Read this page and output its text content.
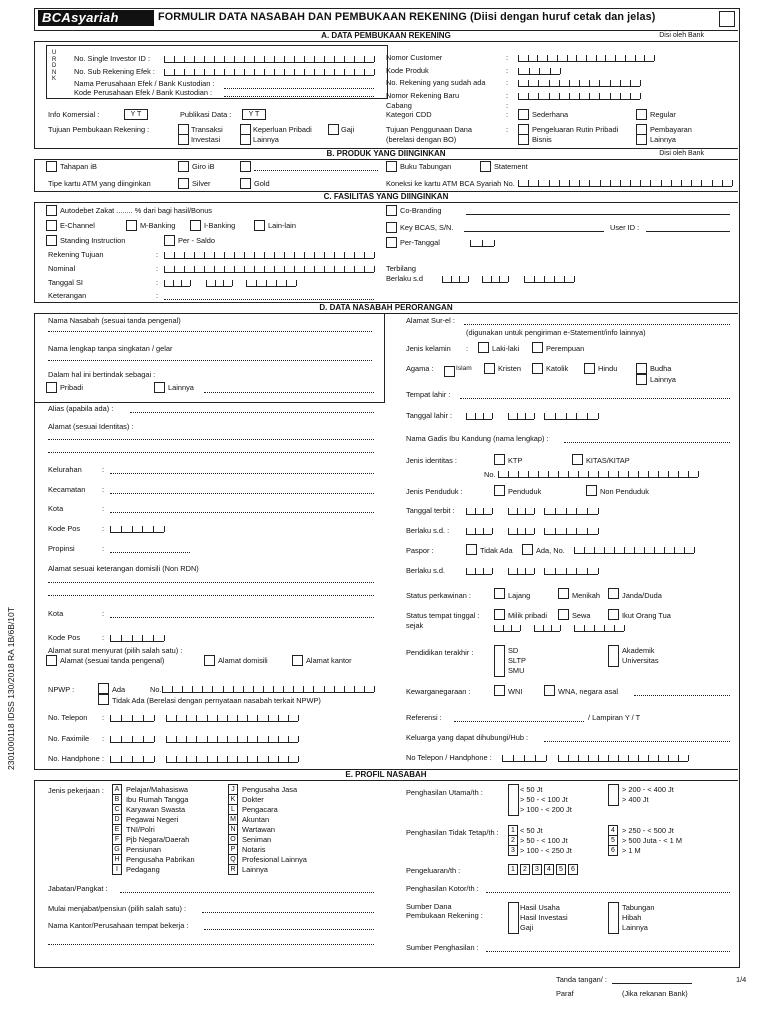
BCAsyariah	FORMULIR DATA NASABAH DAN PEMBUKAAN REKENING (Diisi dengan huruf cetak dan jelas)
A. DATA PEMBUKAAN REKENING	Disi oleh Bank
U
R
D
N
K
No. Single Investor ID :
No. Sub Rekening Efek :
Nama Perusahaan Efek / Bank Kustodian :
Kode Perusahaan Efek / Bank Kustodian :
Nomor Customer	:
Kode Produk	:
No. Rekening yang sudah ada	:
Nomor Rekening Baru	:
Cabang	:
Info Komersial :	Y T	Publikasi Data :	Y T	Kategori CDD	:	Sederhana	Regular
Tujuan Pembukaan Rekening :	Transaksi	Keperluan Pribadi	Gaji
Investasi	Lainnya
Tujuan Penggunaan Dana
(berelasi dengan BO)
:	Pengeluaran Rutin Pribadi	Pembayaran
Bisnis	Lainnya
B. PRODUK YANG DIINGINKAN	Disi oleh Bank
Tahapan iB	Giro iB	Buku Tabungan	Statement
Tipe kartu ATM yang diinginkan	Silver	Gold	Koneksi ke kartu ATM BCA Syariah No.
C. FASILITAS YANG DIINGINKAN
Autodebet Zakat ........ % dari bagi hasil/Bonus
E-Channel	M-Banking	I-Banking	Lain-lain
Standing Instruction	Per - Saldo
Rekening Tujuan	:
Nominal	:
Tanggal SI	:
Keterangan	:
Co-Branding
Key BCAS, S/N.	User ID :
Per-Tanggal
Terbilang
Berlaku s.d
D. DATA NASABAH PERORANGAN
Nama Nasabah (sesuai tanda pengenal)
Nama lengkap tanpa singkatan / gelar
Dalam hal ini bertindak sebagai :
Pribadi	Lainnya
Alias (apabila ada) :
Alamat (sesuai Identitas) :
Kelurahan	:
Kecamatan :
Kota	:
Kode Pos	:
Propinsi	:
Alamat sesuai keterangan domisili (Non RDN)
Kota	:
Kode Pos	:
Alamat surat menyurat (pilih salah satu) :
Alamat (sesuai tanda pengenal)	Alamat domisili	Alamat kantor
NPWP :	Ada	No.
Tidak Ada (Berelasi dengan pernyataan nasabah terkait NPWP)
No. Telepon :
No. Faximile :
No. Handphone :
Alamat Sur-el :
(digunakan untuk pengiriman e-Statement/info lainnya)
Jenis kelamin :	Laki-laki	Perempuan
Agama :	Islam	Kristen	Katolik	Hindu	Budha
Lainnya
Tempat lahir :
Tanggal lahir :
Nama Gadis Ibu Kandung (nama lengkap) :
Jenis identitas :	KTP	KITAS/KITAP
No.
Jenis Penduduk :	Penduduk	Non Penduduk
Tanggal terbit :
Berlaku s.d. :
Paspor :	Tidak Ada	Ada, No.
Berlaku s.d.
Status perkawinan :	Lajang	Menikah	Janda/Duda
Status tempat tinggal :	Milik pribadi	Sewa	Ikut Orang Tua
sejak
Pendidikan terakhir :	SD
SLTP
SMU
Akademik
Universitas
Kewarganegaraan :	WNI	WNA, negara asal
Referensi :	/ Lampiran Y / T
Keluarga yang dapat dihubungi/Hub :
No Telepon / Handphone :
E. PROFIL NASABAH
Jenis pekerjaan :	A Pelajar/Mahasiswa
B Ibu Rumah Tangga
C Karyawan Swasta
D Pegawai Negeri
E TNI/Polri
F Pjb Negara/Daerah
G Pensiunan
H Pengusaha Pabrikan
I	Pedagang
J Pengusaha Jasa
K Dokter
L Pengacara
M Akuntan
N Wartawan
O Seniman
P Notaris
Q Profesional Lainnya
R Lainnya
Penghasilan Utama/th :	< 50 Jt
> 50 - < 100 Jt
> 100 - < 200 Jt
> 200 - < 400 Jt
> 400 Jt
Penghasilan Tidak Tetap/th :	1 < 50 Jt
2 > 50 - < 100 Jt
3 > 100 - < 250 Jt
4 > 250 - < 500 Jt
5 > 500 Juta - < 1 M
6 > 1 M
Pengeluaran/th :	1	2	3	4	5	6
Jabatan/Pangkat :	Penghasilan Kotor/th :
Mulai menjabat/pensiun (pilih salah satu) :
Nama Kantor/Perusahaan tempat bekerja :
Sumber Dana
Pembukaan Rekening :
Hasil Usaha
Hasil Investasi
Gaji
Tabungan
Hibah
Lainnya
Sumber Penghasilan :
Tanda tangan/ :	1/4
Paraf	(Jika rekanan Bank)
2301000118 IDSS 130/2018 RA 1B/6B/10T
